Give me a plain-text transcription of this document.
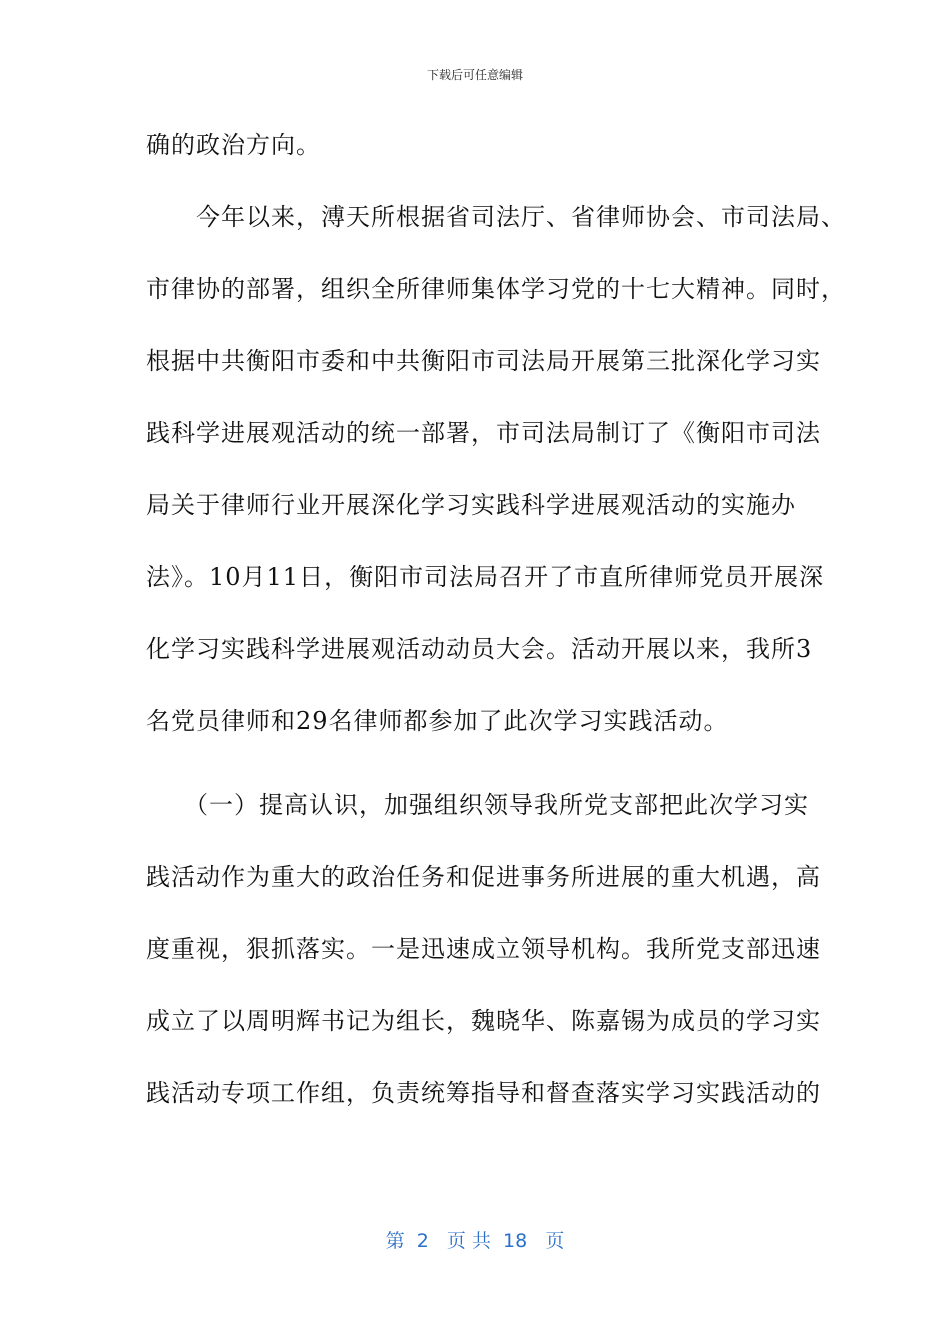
下载后可任意编辑
确的政治方向。
　　今年以来，溥天所根据省司法厅、省律师协会、市司法局、
市律协的部署，组织全所律师集体学习党的十七大精神。同时，
根据中共衡阳市委和中共衡阳市司法局开展第三批深化学习实
践科学进展观活动的统一部署，市司法局制订了《衡阳市司法
局关于律师行业开展深化学习实践科学进展观活动的实施办
法》。10月11日，衡阳市司法局召开了市直所律师党员开展深
化学习实践科学进展观活动动员大会。活动开展以来，我所3
名党员律师和29名律师都参加了此次学习实践活动。
　　（一）提高认识，加强组织领导我所党支部把此次学习实
践活动作为重大的政治任务和促进事务所进展的重大机遇，高
度重视，狠抓落实。一是迅速成立领导机构。我所党支部迅速
成立了以周明辉书记为组长，魏晓华、陈嘉锡为成员的学习实
践活动专项工作组，负责统筹指导和督查落实学习实践活动的
第  2   页 共  18   页
